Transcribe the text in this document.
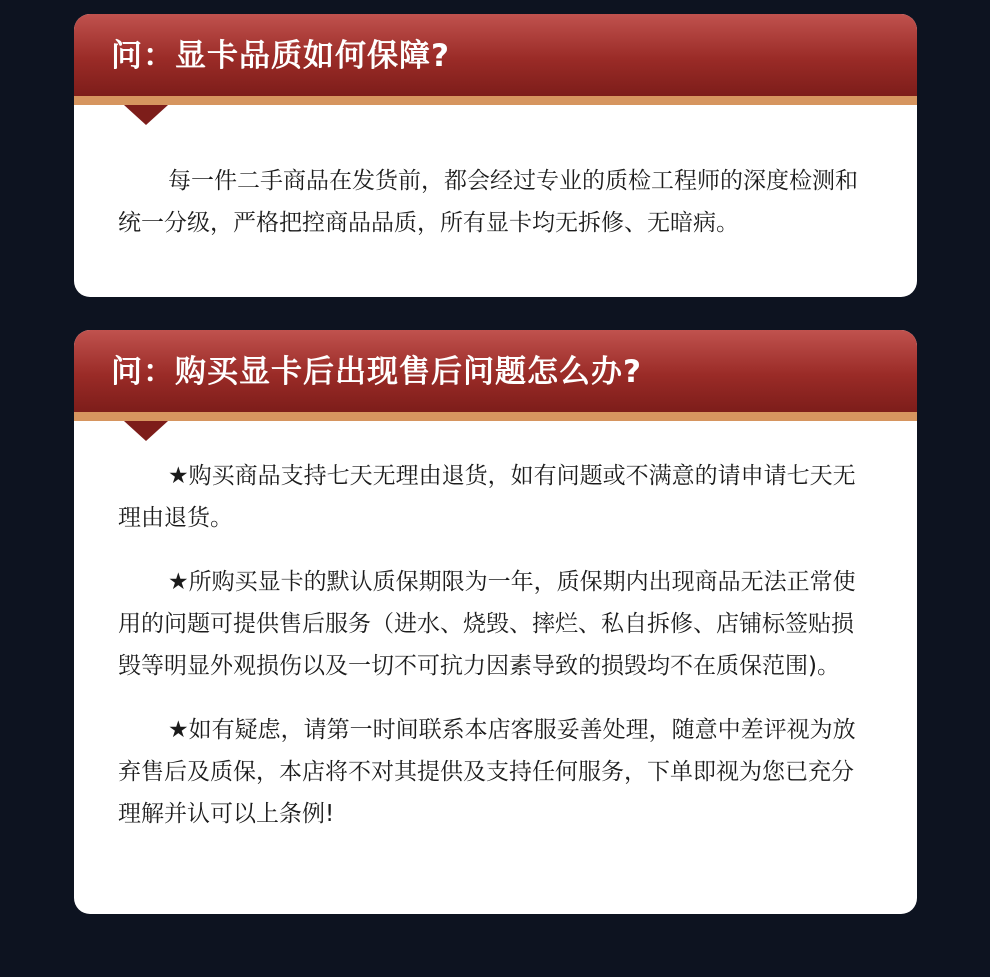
问：显卡品质如何保障?

每一件二手商品在发货前，都会经过专业的质检工程师的深度检测和统一分级，严格把控商品品质，所有显卡均无拆修、无暗病。

问：购买显卡后出现售后问题怎么办?

★购买商品支持七天无理由退货，如有问题或不满意的请申请七天无理由退货。

★所购买显卡的默认质保期限为一年，质保期内出现商品无法正常使用的问题可提供售后服务（进水、烧毁、摔烂、私自拆修、店铺标签贴损毁等明显外观损伤以及一切不可抗力因素导致的损毁均不在质保范围)。

★如有疑虑，请第一时间联系本店客服妥善处理，随意中差评视为放弃售后及质保，本店将不对其提供及支持任何服务，下单即视为您已充分理解并认可以上条例!
